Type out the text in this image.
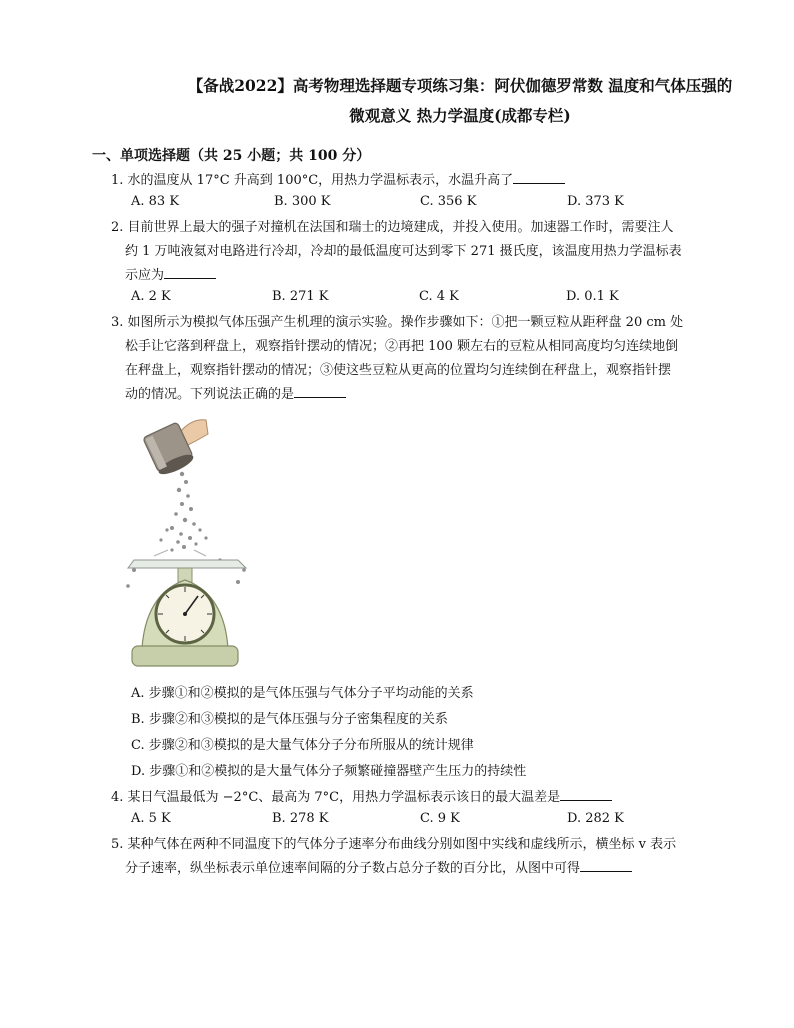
【备战2022】高考物理选择题专项练习集：阿伏伽德罗常数 温度和气体压强的
微观意义 热力学温度(成都专栏)
一、单项选择题（共 25 小题；共 100 分）
1. 水的温度从 17°C 升高到 100°C，用热力学温标表示，水温升高了
A. 83 K	B. 300 K	C. 356 K	D. 373 K
2. 目前世界上最大的强子对撞机在法国和瑞士的边境建成，并投入使用。加速器工作时，需要注人
约 1 万吨液氦对电路进行冷却，冷却的最低温度可达到零下 271 摄氏度，该温度用热力学温标表
示应为
A. 2 K	B. 271 K	C. 4 K	D. 0.1 K
3. 如图所示为模拟气体压强产生机理的演示实验。操作步骤如下：①把一颗豆粒从距秤盘 20 cm 处
松手让它落到秤盘上，观察指针摆动的情况；②再把 100 颗左右的豆粒从相同高度均匀连续地倒
在秤盘上，观察指针摆动的情况；③使这些豆粒从更高的位置均匀连续倒在秤盘上，观察指针摆
动的情况。下列说法正确的是
A. 步骤①和②模拟的是气体压强与气体分子平均动能的关系
B. 步骤②和③模拟的是气体压强与分子密集程度的关系
C. 步骤②和③模拟的是大量气体分子分布所服从的统计规律
D. 步骤①和②模拟的是大量气体分子频繁碰撞器壁产生压力的持续性
4. 某日气温最低为 −2°C、最高为 7°C，用热力学温标表示该日的最大温差是
A. 5 K	B. 278 K	C. 9 K	D. 282 K
5. 某种气体在两种不同温度下的气体分子速率分布曲线分别如图中实线和虚线所示，横坐标 v 表示
分子速率，纵坐标表示单位速率间隔的分子数占总分子数的百分比，从图中可得
